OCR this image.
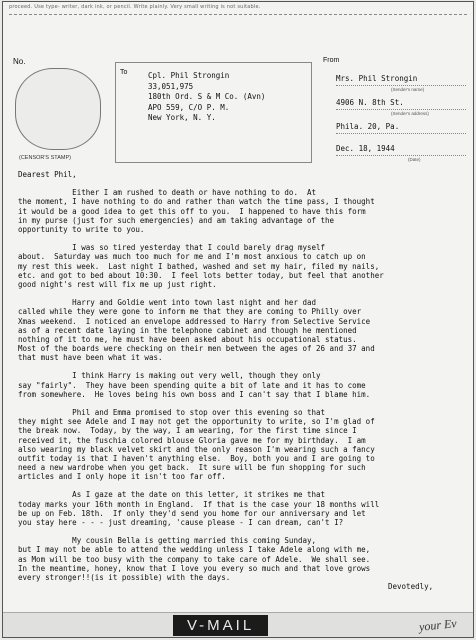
proceed. Use type- writer, dark ink, or pencil. Write plainly. Very small writing is not suitable.
No.
(CENSOR'S STAMP)
To	Cpl. Phil Strongin
33,051,975
180th Ord. S & M Co. (Avn)
APO 559, C/O P. M.
New York, N. Y.
From
Mrs. Phil Strongin
(Sender's name)
4906 N. 8th St.
(Sender's address)
Phila. 20, Pa.
Dec. 18, 1944
(Date)

Dearest Phil,

Either I am rushed to death or have nothing to do.  At

the moment, I have nothing to do and rather than watch the time pass, I thought

it would be a good idea to get this off to you.  I happened to have this form

in my purse (just for such emergencies) and am taking advantage of the

opportunity to write to you.

I was so tired yesterday that I could barely drag myself

about.  Saturday was much too much for me and I'm most anxious to catch up on

my rest this week.  Last night I bathed, washed and set my hair, filed my nails,

etc. and got to bed about 10:30.  I feel lots better today, but feel that another

good night's rest will fix me up just right.

Harry and Goldie went into town last night and her dad

called while they were gone to inform me that they are coming to Philly over

Xmas weekend.  I noticed an envelope addressed to Harry from Selective Service

as of a recent date laying in the telephone cabinet and though he mentioned

nothing of it to me, he must have been asked about his occupational status.

Most of the boards were checking on their men between the ages of 26 and 37 and

that must have been what it was.

I think Harry is making out very well, though they only

say "fairly".  They have been spending quite a bit of late and it has to come

from somewhere.  He loves being his own boss and I can't say that I blame him.

Phil and Emma promised to stop over this evening so that

they might see Adele and I may not get the opportunity to write, so I'm glad of

the break now.  Today, by the way, I am wearing, for the first time since I

received it, the fuschia colored blouse Gloria gave me for my birthday.  I am

also wearing my black velvet skirt and the only reason I'm wearing such a fancy

outfit today is that I haven't anything else.  Boy, both you and I are going to

need a new wardrobe when you get back.  It sure will be fun shopping for such

articles and I only hope it isn't too far off.

As I gaze at the date on this letter, it strikes me that

today marks your 16th month in England.  If that is the case your 18 months will

be up on Feb. 18th.  If only they'd send you home for our anniversary and let

you stay here - - - just dreaming, 'cause please - I can dream, can't I?

My cousin Bella is getting married this coming Sunday,

but I may not be able to attend the wedding unless I take Adele along with me,

as Mom will be too busy with the company to take care of Adele.  We shall see.

In the meantime, honey, know that I love you every so much and that love grows

every stronger!!(is it possible) with the days.

Devotedly,

V-MAIL	your Ev
